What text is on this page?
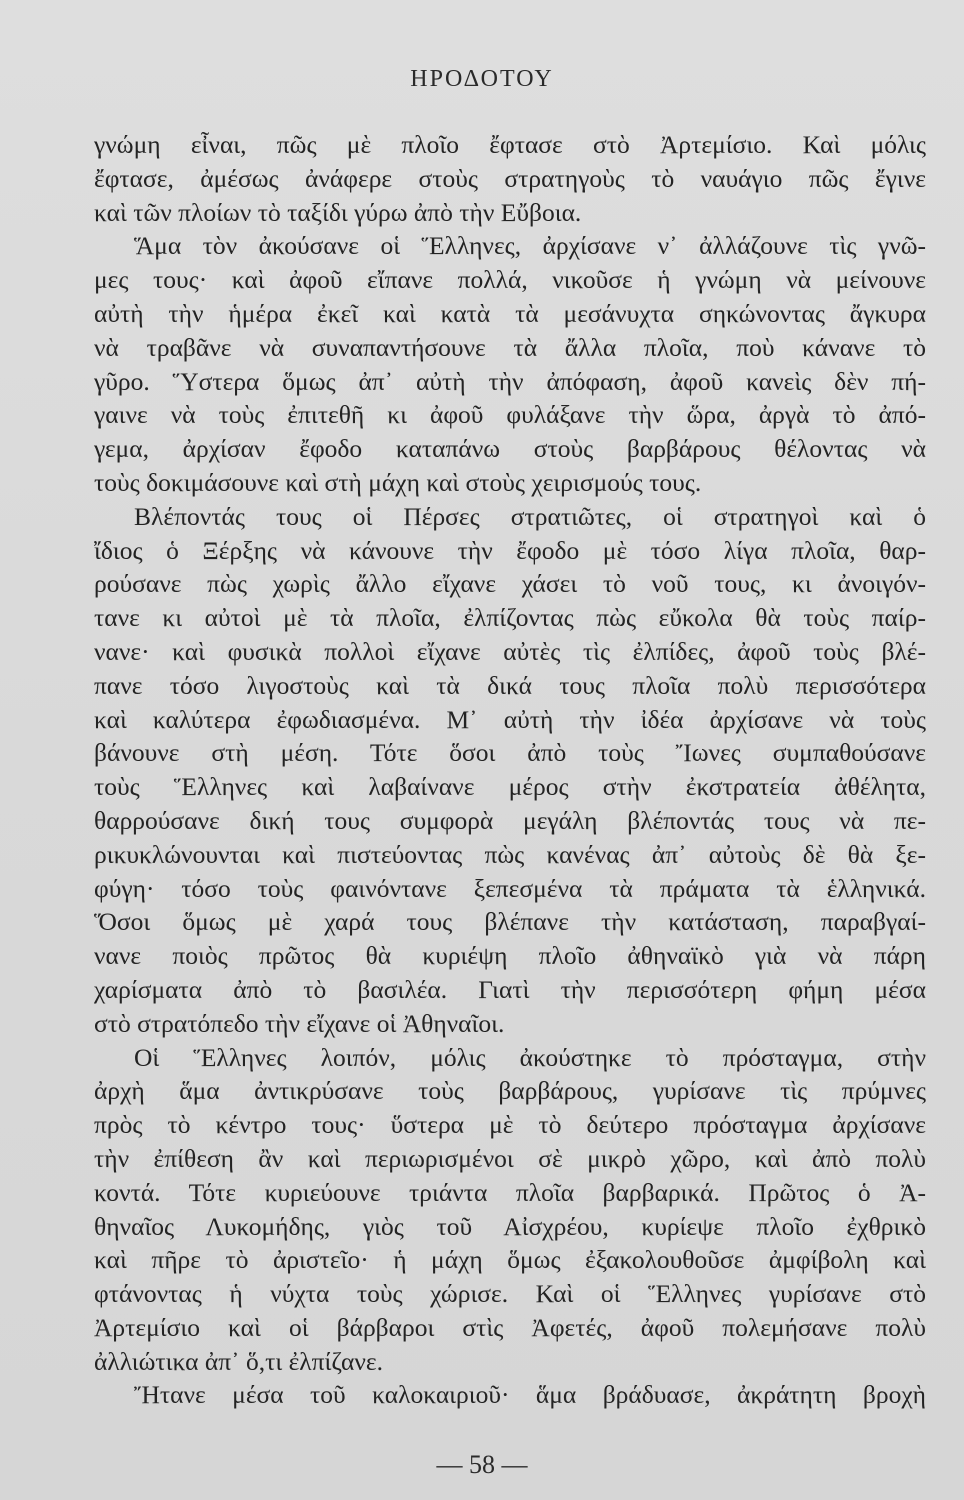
ΗΡΟΔΟΤΟΥ
γνώμη εἶναι, πῶς μὲ πλοῖο ἔφτασε στὸ Ἀρτεμίσιο. Καὶ μόλις
ἔφτασε, ἀμέσως ἀνάφερε στοὺς στρατηγοὺς τὸ ναυάγιο πῶς ἔγινε
καὶ τῶν πλοίων τὸ ταξίδι γύρω ἀπὸ τὴν Εὔβοια.
Ἅμα τὸν ἀκούσανε οἱ Ἕλληνες, ἀρχίσανε ν᾿ ἀλλάζουνε τὶς γνῶ-
μες τους· καὶ ἀφοῦ εἴπανε πολλά, νικοῦσε ἡ γνώμη νὰ μείνουνε
αὐτὴ τὴν ἡμέρα ἐκεῖ καὶ κατὰ τὰ μεσάνυχτα σηκώνοντας ἄγκυρα
νὰ τραβᾶνε νὰ συναπαντήσουνε τὰ ἄλλα πλοῖα, ποὺ κάνανε τὸ
γῦρο. Ὕστερα ὅμως ἀπ᾿ αὐτὴ τὴν ἀπόφαση, ἀφοῦ κανεὶς δὲν πή-
γαινε νὰ τοὺς ἐπιτεθῆ κι ἀφοῦ φυλάξανε τὴν ὥρα, ἀργὰ τὸ ἀπό-
γεμα, ἀρχίσαν ἔφοδο καταπάνω στοὺς βαρβάρους θέλοντας νὰ
τοὺς δοκιμάσουνε καὶ στὴ μάχη καὶ στοὺς χειρισμούς τους.
Βλέποντάς τους οἱ Πέρσες στρατιῶτες, οἱ στρατηγοὶ καὶ ὁ
ἴδιος ὁ Ξέρξης νὰ κάνουνε τὴν ἔφοδο μὲ τόσο λίγα πλοῖα, θαρ-
ρούσανε πὼς χωρὶς ἄλλο εἴχανε χάσει τὸ νοῦ τους, κι ἀνοιγόν-
τανε κι αὐτοὶ μὲ τὰ πλοῖα, ἐλπίζοντας πὼς εὔκολα θὰ τοὺς παίρ-
νανε· καὶ φυσικὰ πολλοὶ εἴχανε αὐτὲς τὶς ἐλπίδες, ἀφοῦ τοὺς βλέ-
πανε τόσο λιγοστοὺς καὶ τὰ δικά τους πλοῖα πολὺ περισσότερα
καὶ καλύτερα ἐφωδιασμένα. Μ᾿ αὐτὴ τὴν ἰδέα ἀρχίσανε νὰ τοὺς
βάνουνε στὴ μέση. Τότε ὅσοι ἀπὸ τοὺς Ἴωνες συμπαθούσανε
τοὺς Ἕλληνες καὶ λαβαίνανε μέρος στὴν ἐκστρατεία ἀθέλητα,
θαρρούσανε δική τους συμφορὰ μεγάλη βλέποντάς τους νὰ πε-
ρικυκλώνουνται καὶ πιστεύοντας πὼς κανένας ἀπ᾿ αὐτοὺς δὲ θὰ ξε-
φύγη· τόσο τοὺς φαινόντανε ξεπεσμένα τὰ πράματα τὰ ἑλληνικά.
Ὅσοι ὅμως μὲ χαρά τους βλέπανε τὴν κατάσταση, παραβγαί-
νανε ποιὸς πρῶτος θὰ κυριέψη πλοῖο ἀθηναϊκὸ γιὰ νὰ πάρη
χαρίσματα ἀπὸ τὸ βασιλέα. Γιατὶ τὴν περισσότερη φήμη μέσα
στὸ στρατόπεδο τὴν εἴχανε οἱ Ἀθηναῖοι.
Οἱ Ἕλληνες λοιπόν, μόλις ἀκούστηκε τὸ πρόσταγμα, στὴν
ἀρχὴ ἅμα ἀντικρύσανε τοὺς βαρβάρους, γυρίσανε τὶς πρύμνες
πρὸς τὸ κέντρο τους· ὕστερα μὲ τὸ δεύτερο πρόσταγμα ἀρχίσανε
τὴν ἐπίθεση ἂν καὶ περιωρισμένοι σὲ μικρὸ χῶρο, καὶ ἀπὸ πολὺ
κοντά. Τότε κυριεύουνε τριάντα πλοῖα βαρβαρικά. Πρῶτος ὁ Ἀ-
θηναῖος Λυκομήδης, γιὸς τοῦ Αἰσχρέου, κυρίεψε πλοῖο ἐχθρικὸ
καὶ πῆρε τὸ ἀριστεῖο· ἡ μάχη ὅμως ἐξακολουθοῦσε ἀμφίβολη καὶ
φτάνοντας ἡ νύχτα τοὺς χώρισε. Καὶ οἱ Ἕλληνες γυρίσανε στὸ
Ἀρτεμίσιο καὶ οἱ βάρβαροι στὶς Ἀφετές, ἀφοῦ πολεμήσανε πολὺ
ἀλλιώτικα ἀπ᾿ ὅ,τι ἐλπίζανε.
Ἤτανε μέσα τοῦ καλοκαιριοῦ· ἅμα βράδυασε, ἀκράτητη βροχὴ
— 58 —
